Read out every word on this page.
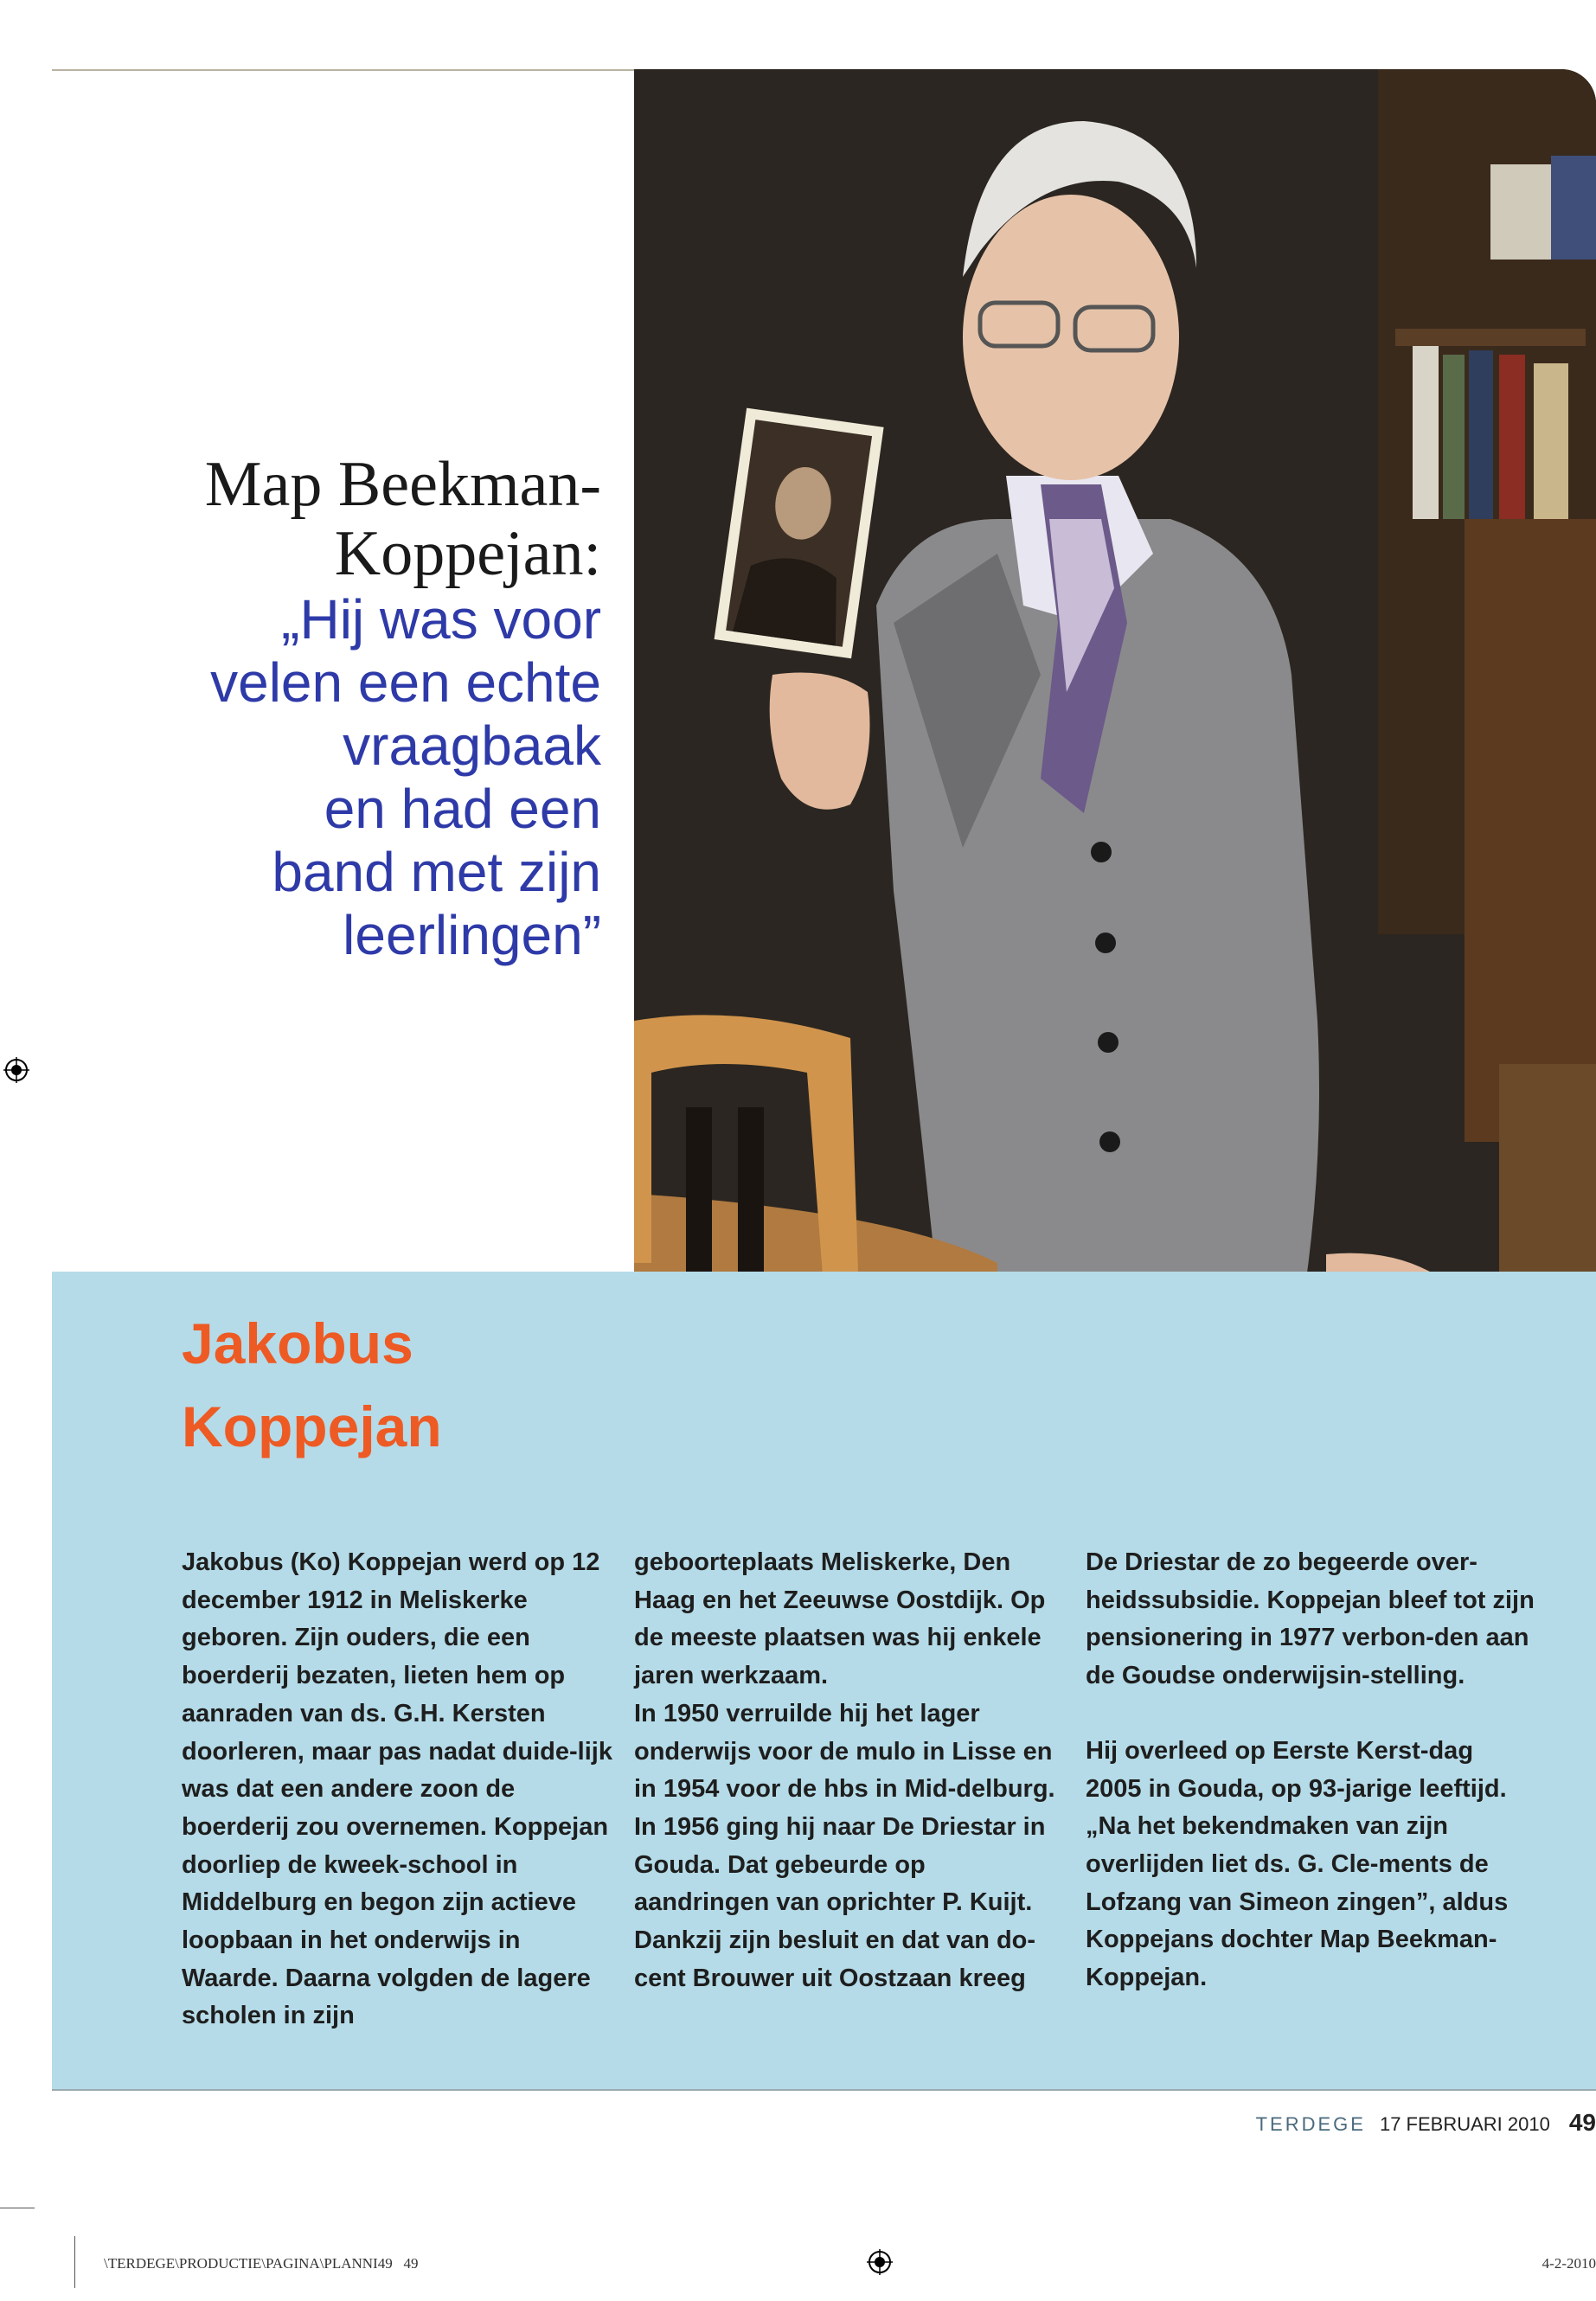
Map Beekman-
Koppejan:
„Hij was voor
velen een echte
vraagbaak
en had een
band met zijn
leerlingen”
Jakobus
Koppejan

Jakobus (Ko) Koppejan werd op 12 december 1912 in Meliskerke geboren. Zijn ouders, die een boerderij bezaten, lieten hem op aanraden van ds. G.H. Kersten doorleren, maar pas nadat duide-lijk was dat een andere zoon de boerderij zou overnemen. Koppejan doorliep de kweek-school in Middelburg en begon zijn actieve loopbaan in het onderwijs in Waarde. Daarna volgden de lagere scholen in zijn

geboorteplaats Meliskerke, Den Haag en het Zeeuwse Oostdijk. Op de meeste plaatsen was hij enkele jaren werkzaam.

In 1950 verruilde hij het lager onderwijs voor de mulo in Lisse en in 1954 voor de hbs in Mid-delburg. In 1956 ging hij naar De Driestar in Gouda. Dat gebeurde op aandringen van oprichter P. Kuijt.

Dankzij zijn besluit en dat van do-cent Brouwer uit Oostzaan kreeg

De Driestar de zo begeerde over-heidssubsidie. Koppejan bleef tot zijn pensionering in 1977 verbon-den aan de Goudse onderwijsin-stelling.

Hij overleed op Eerste Kerst-dag 2005 in Gouda, op 93-jarige leeftijd. „Na het bekendmaken van zijn overlijden liet ds. G. Cle-ments de Lofzang van Simeon zingen”, aldus Koppejans dochter Map Beekman-Koppejan.

TERDEGE 17 FEBRUARI 2010 49
\TERDEGE\PRODUCTIE\PAGINA\PLANNI49 49	4-2-2010
